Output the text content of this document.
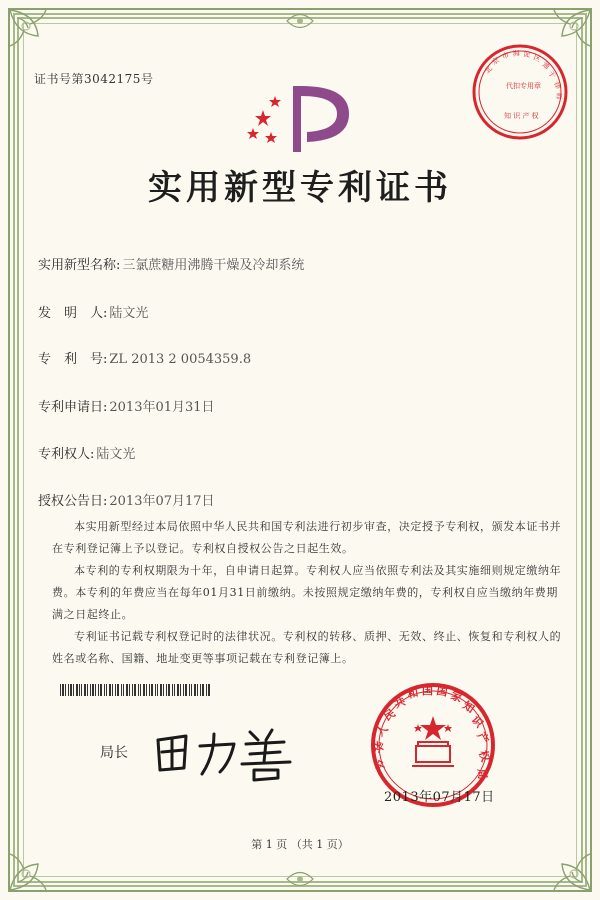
证书号第3042175号
实用新型专利证书
实用新型名称: 三氯蔗糖用沸腾干燥及冷却系统
发　明　人: 陆文光
专　利　号: ZL 2013 2 0054359.8
专利申请日: 2013年01月31日
专利权人: 陆文光
授权公告日: 2013年07月17日

本实用新型经过本局依照中华人民共和国专利法进行初步审查，决定授予专利权，颁发本证书并在专利登记簿上予以登记。专利权自授权公告之日起生效。

本专利的专利权期限为十年，自申请日起算。专利权人应当依照专利法及其实施细则规定缴纳年费。本专利的年费应当在每年01月31日前缴纳。未按照规定缴纳年费的，专利权自应当缴纳年费期满之日起终止。

专利证书记载专利权登记时的法律状况。专利权的转移、质押、无效、终止、恢复和专利权人的姓名或名称、国籍、地址变更等事项记载在专利登记簿上。

局长
北
京
市 海 淀 区
通
于
律
师
代扣专用章
知 识 产 权
中
华
人
民
共
和 国 国 家
知
识
产
权
局
2013年07月17日
第 1 页 （共 1 页）
